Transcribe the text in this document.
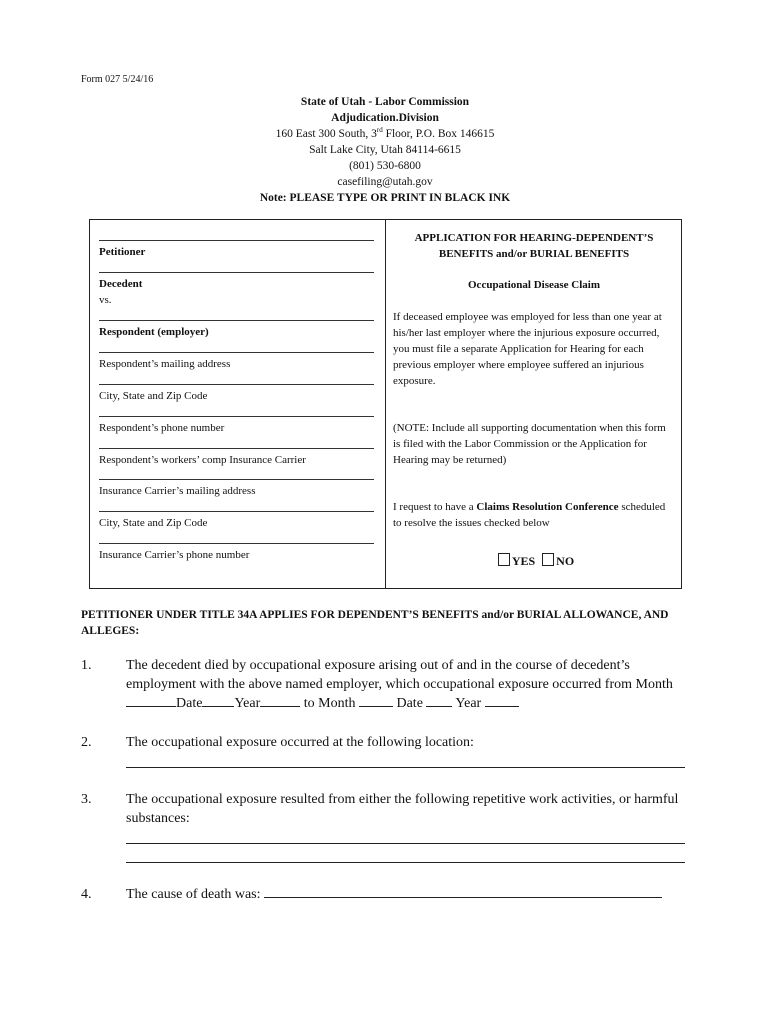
Form 027 5/24/16
State of Utah - Labor Commission
Adjudication.Division
160 East 300 South, 3rd Floor, P.O. Box 146615
Salt Lake City, Utah 84114-6615
(801) 530-6800
casefiling@utah.gov
Note: PLEASE TYPE OR PRINT IN BLACK INK
Petitioner
Decedent
vs.
Respondent (employer)
Respondent’s mailing address
City, State and Zip Code
Respondent’s phone number
Respondent’s workers’ comp Insurance Carrier
Insurance Carrier’s mailing address
City, State and Zip Code
Insurance Carrier’s phone number
APPLICATION FOR HEARING-DEPENDENT’S
BENEFITS and/or BURIAL BENEFITS
Occupational Disease Claim
If deceased employee was employed for less than one year at his/her last employer where the injurious exposure occurred, you must file a separate Application for Hearing for each previous employer where employee suffered an injurious exposure.
(NOTE: Include all supporting documentation when this form is filed with the Labor Commission or the Application for Hearing may be returned)
I request to have a Claims Resolution Conference scheduled to resolve the issues checked below
YES NO
PETITIONER UNDER TITLE 34A APPLIES FOR DEPENDENT’S BENEFITS and/or BURIAL ALLOWANCE, AND ALLEGES:
1. The decedent died by occupational exposure arising out of and in the course of decedent’s employment with the above named employer, which occupational exposure occurred from MonthDate Year	to Month  Date  Year
2. The occupational exposure occurred at the following location:
3. The occupational exposure resulted from either the following repetitive work activities, or harmful substances:
4. The cause of death was:
